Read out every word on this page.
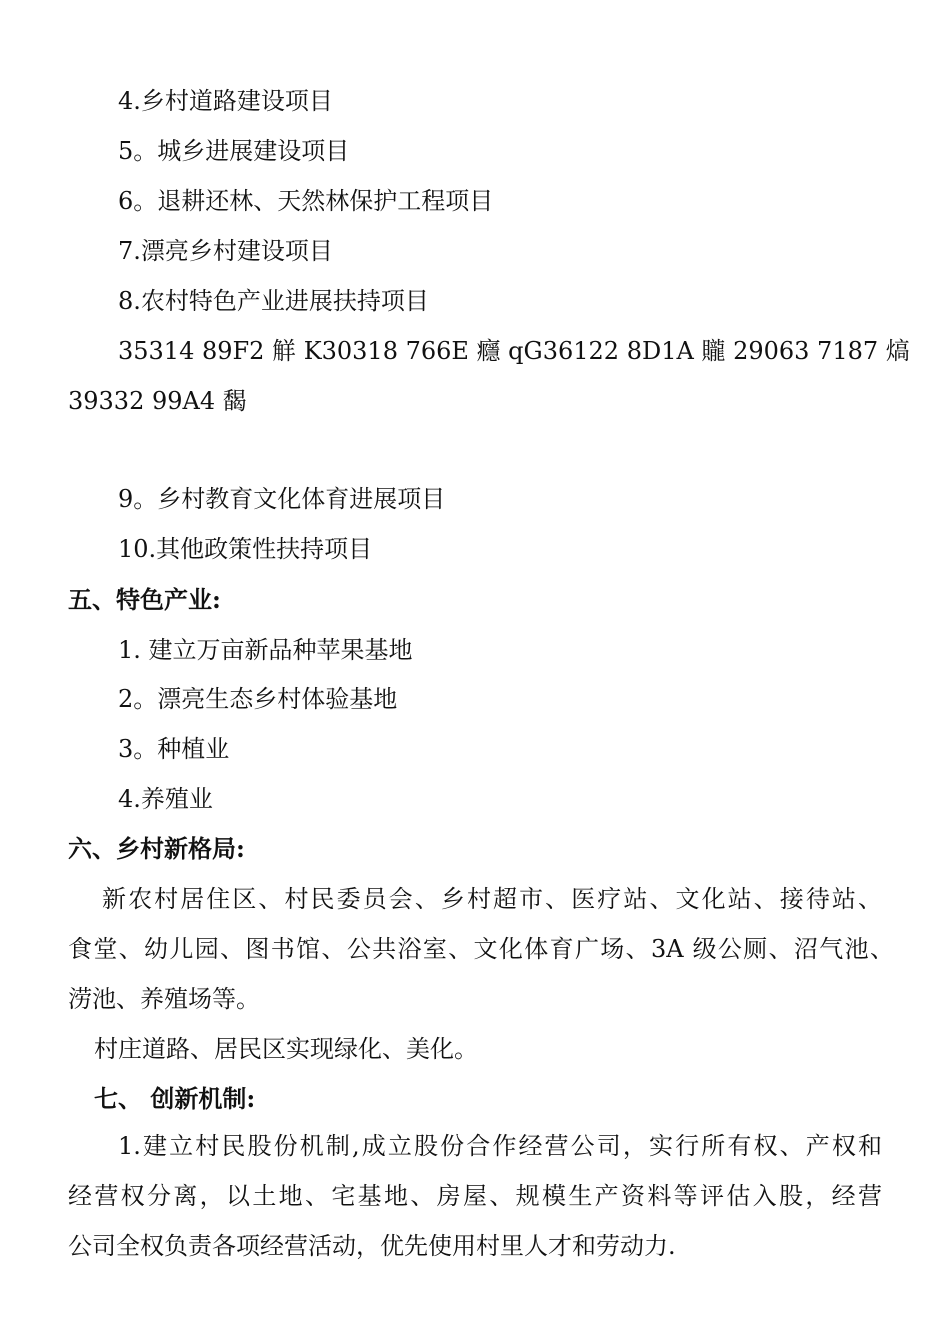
4.乡村道路建设项目
5。城乡进展建设项目
6。退耕还林、天然林保护工程项目
7.漂亮乡村建设项目
8.农村特色产业进展扶持项目
35314 89F2 觧 K30318 766E 癮 qG36122 8D1A 贚 29063 7187 熇
39332 99A4 馤
9。乡村教育文化体育进展项目
10.其他政策性扶持项目
五、特色产业:
1. 建立万亩新品种苹果基地
2。漂亮生态乡村体验基地
3。种植业
4.养殖业
六、乡村新格局:
新农村居住区、村民委员会、乡村超市、医疗站、文化站、接待站、
食堂、幼儿园、图书馆、公共浴室、文化体育广场、3A 级公厕、沼气池、
涝池、养殖场等。
村庄道路、居民区实现绿化、美化。
七、 创新机制:
1.建立村民股份机制,成立股份合作经营公司，实行所有权、产权和
经营权分离，以土地、宅基地、房屋、规模生产资料等评估入股，经营
公司全权负责各项经营活动，优先使用村里人才和劳动力.
